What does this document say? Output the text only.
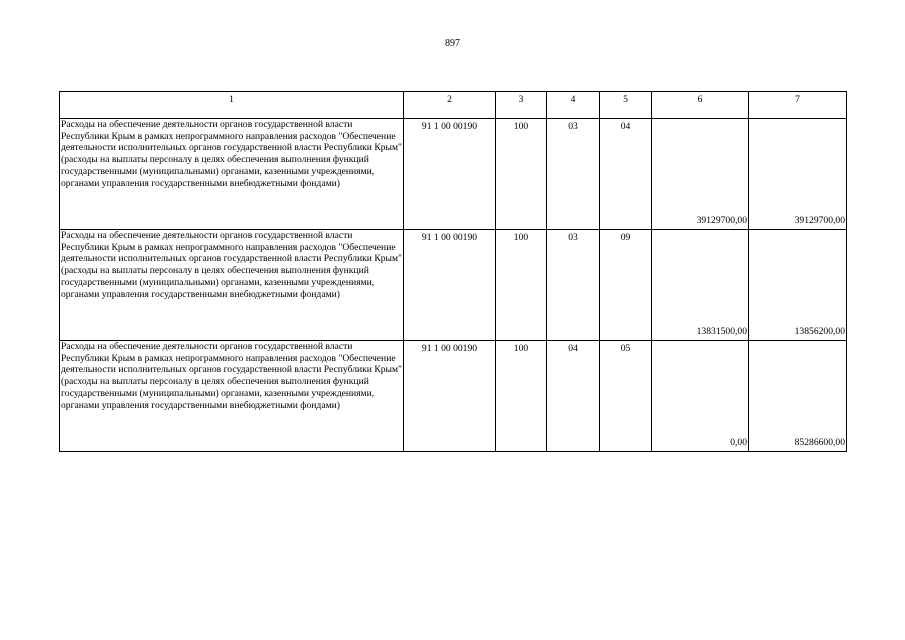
897
1	2	3	4	5	6	7
Расходы на обеспечение деятельности органов государственной власти Республики Крым в рамках непрограммного направления расходов "Обеспечение деятельности исполнительных органов государственной власти Республики Крым" (расходы на выплаты персоналу в целях обеспечения выполнения функций государственными (муниципальными) органами, казенными учреждениями, органами управления государственными внебюджетными фондами)	91 1 00 00190	100	03	04	39129700,00	39129700,00
Расходы на обеспечение деятельности органов государственной власти Республики Крым в рамках непрограммного направления расходов "Обеспечение деятельности исполнительных органов государственной власти Республики Крым" (расходы на выплаты персоналу в целях обеспечения выполнения функций государственными (муниципальными) органами, казенными учреждениями, органами управления государственными внебюджетными фондами)	91 1 00 00190	100	03	09	13831500,00	13856200,00
Расходы на обеспечение деятельности органов государственной власти Республики Крым в рамках непрограммного направления расходов "Обеспечение деятельности исполнительных органов государственной власти Республики Крым" (расходы на выплаты персоналу в целях обеспечения выполнения функций государственными (муниципальными) органами, казенными учреждениями, органами управления государственными внебюджетными фондами)	91 1 00 00190	100	04	05	0,00	85286600,00
